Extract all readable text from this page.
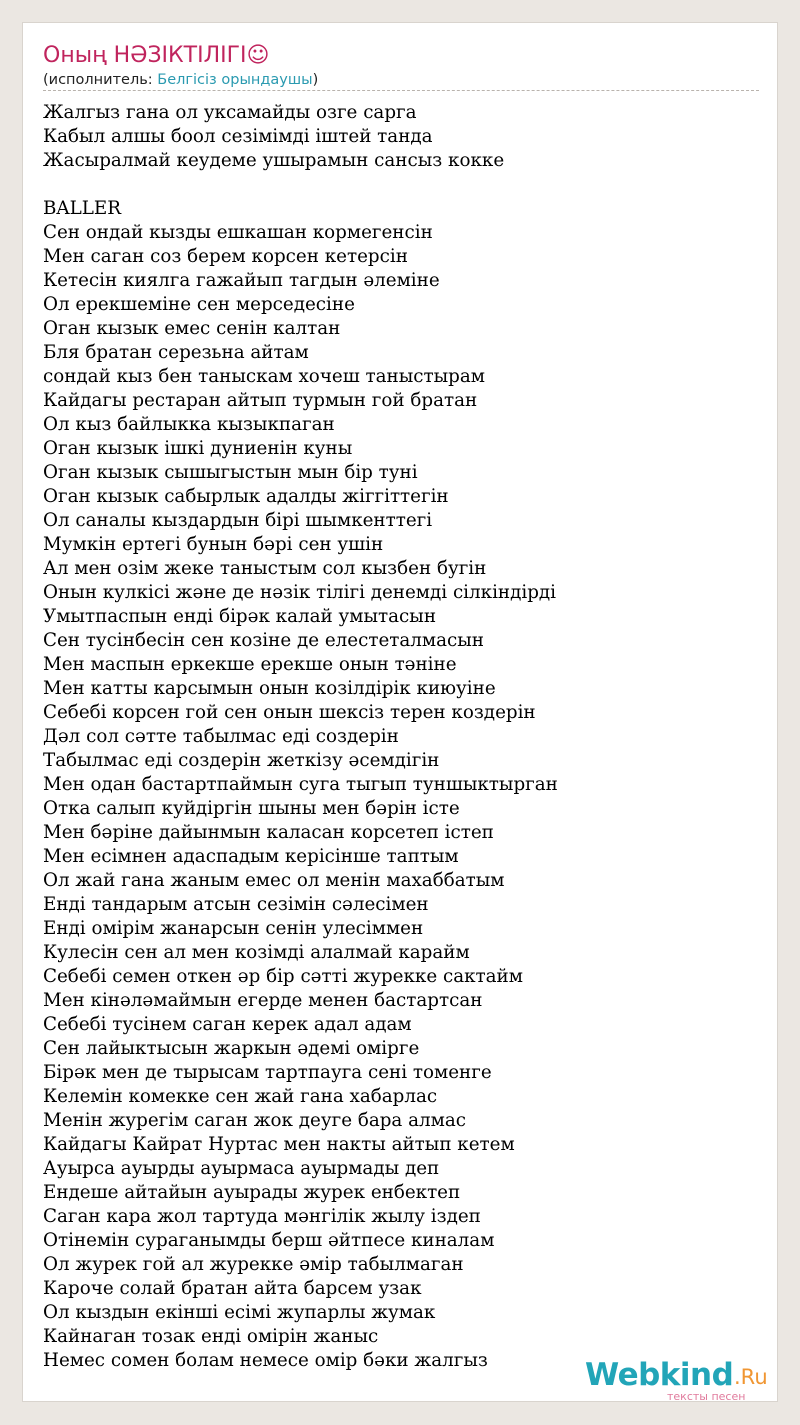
Оның НӘЗІКТІЛІГІ☺
(исполнитель: Белгісіз орындаушы)
Жалгыз гана ол уксамайды озге сарга
Кабыл алшы боол сезімімді іштей танда
Жасыралмай кеудеме ушырамын сансыз кокке
BALLER
Сен ондай кызды ешкашан кормегенсін
Мен саган соз берем корсен кетерсін
Кетесін киялга гажайып тагдын әлеміне
Ол ерекшеміне сен мерседесіне
Оган кызык емес сенін калтан
Бля братан серезьна айтам
сондай кыз бен таныскам хочеш таныстырам
Кайдагы рестаран айтып турмын гой братан
Ол кыз байлыкка кызыкпаган
Оган кызык ішкі дуниенін куны
Оган кызык сышыгыстын мын бір туні
Оган кызык сабырлык адалды жіггіттегін
Ол саналы кыздардын бірі шымкенттегі
Мумкін ертегі бунын бәрі сен ушін
Ал мен озім жеке таныстым сол кызбен бугін
Онын кулкісі және де нәзік тілігі денемді сілкіндірді
Умытпаспын енді бірәк калай умытасын
Сен тусінбесін сен козіне де елестеталмасын
Мен маспын еркекше ерекше онын тәніне
Мен катты карсымын онын козілдірік киюуіне
Себебі корсен гой сен онын шексіз терен коздерін
Дәл сол сәтте табылмас еді создерін
Табылмас еді создерін жеткізу әсемдігін
Мен одан бастартпаймын суга тыгып туншыктырган
Отка салып куйдіргін шыны мен бәрін істе
Мен бәріне дайынмын каласан корсетеп істеп
Мен есімнен адаспадым керісінше таптым
Ол жай гана жаным емес ол менін махаббатым
Енді тандарым атсын сезімін сәлесімен
Енді омірім жанарсын сенін улесіммен
Кулесін сен ал мен козімді алалмай карайм
Себебі семен откен әр бір сәтті журекке сактайм
Мен кінәләмаймын егерде менен бастартсан
Себебі тусінем саган керек адал адам
Сен лайыктысын жаркын әдемі омірге
Бірәк мен де тырысам тартпауга сені томенге
Келемін комекке сен жай гана хабарлас
Менін журегім саган жок деуге бара алмас
Кайдагы Кайрат Нуртас мен накты айтып кетем
Ауырса ауырды ауырмаса ауырмады деп
Ендеше айтайын ауырады журек енбектеп
Саган кара жол тартуда мәнгілік жылу іздеп
Отінемін сураганымды берш әйтпесе киналам
Ол журек гой ал журекке әмір табылмаган
Кароче солай братан айта барсем узак
Ол кыздын екінші есімі жупарлы жумак
Кайнаган тозак енді омірін жаныс
Немес сомен болам немесе омір бәки жалгыз	Webkind .Ru
тексты песен
